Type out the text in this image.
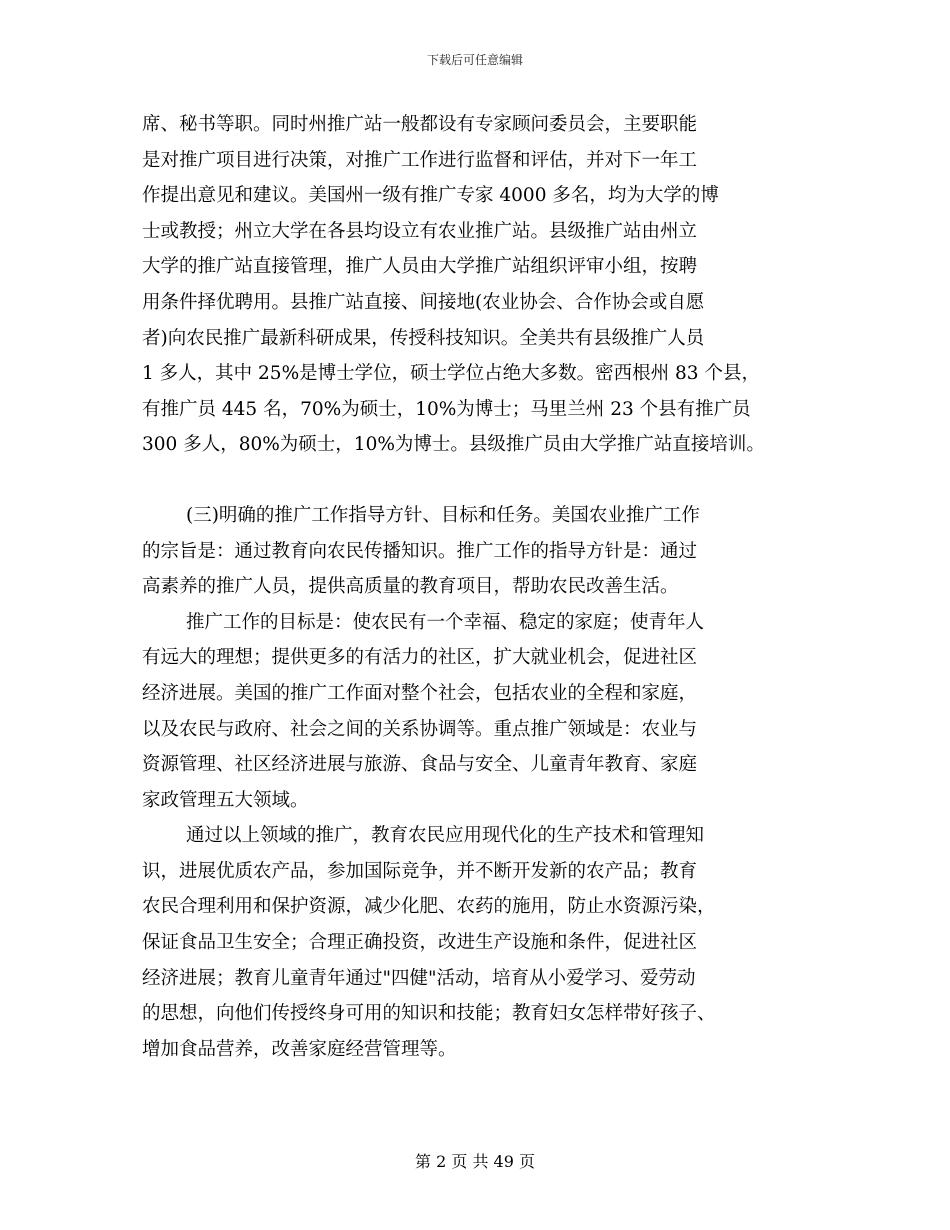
下载后可任意编辑
席、秘书等职。同时州推广站一般都设有专家顾问委员会，主要职能
是对推广项目进行决策，对推广工作进行监督和评估，并对下一年工
作提出意见和建议。美国州一级有推广专家 4000 多名，均为大学的博
士或教授；州立大学在各县均设立有农业推广站。县级推广站由州立
大学的推广站直接管理，推广人员由大学推广站组织评审小组，按聘
用条件择优聘用。县推广站直接、间接地(农业协会、合作协会或自愿
者)向农民推广最新科研成果，传授科技知识。全美共有县级推广人员
1 多人，其中 25%是博士学位，硕士学位占绝大多数。密西根州 83 个县，
有推广员 445 名，70%为硕士，10%为博士；马里兰州 23 个县有推广员
300 多人，80%为硕士，10%为博士。县级推广员由大学推广站直接培训。
(三)明确的推广工作指导方针、目标和任务。美国农业推广工作
的宗旨是：通过教育向农民传播知识。推广工作的指导方针是：通过
高素养的推广人员，提供高质量的教育项目，帮助农民改善生活。
推广工作的目标是：使农民有一个幸福、稳定的家庭；使青年人
有远大的理想；提供更多的有活力的社区，扩大就业机会，促进社区
经济进展。美国的推广工作面对整个社会，包括农业的全程和家庭，
以及农民与政府、社会之间的关系协调等。重点推广领域是：农业与
资源管理、社区经济进展与旅游、食品与安全、儿童青年教育、家庭
家政管理五大领域。
通过以上领域的推广，教育农民应用现代化的生产技术和管理知
识，进展优质农产品，参加国际竞争，并不断开发新的农产品；教育
农民合理利用和保护资源，减少化肥、农药的施用，防止水资源污染，
保证食品卫生安全；合理正确投资，改进生产设施和条件，促进社区
经济进展；教育儿童青年通过"四健"活动，培育从小爱学习、爱劳动
的思想，向他们传授终身可用的知识和技能；教育妇女怎样带好孩子、
增加食品营养，改善家庭经营管理等。
第 2 页 共 49 页
